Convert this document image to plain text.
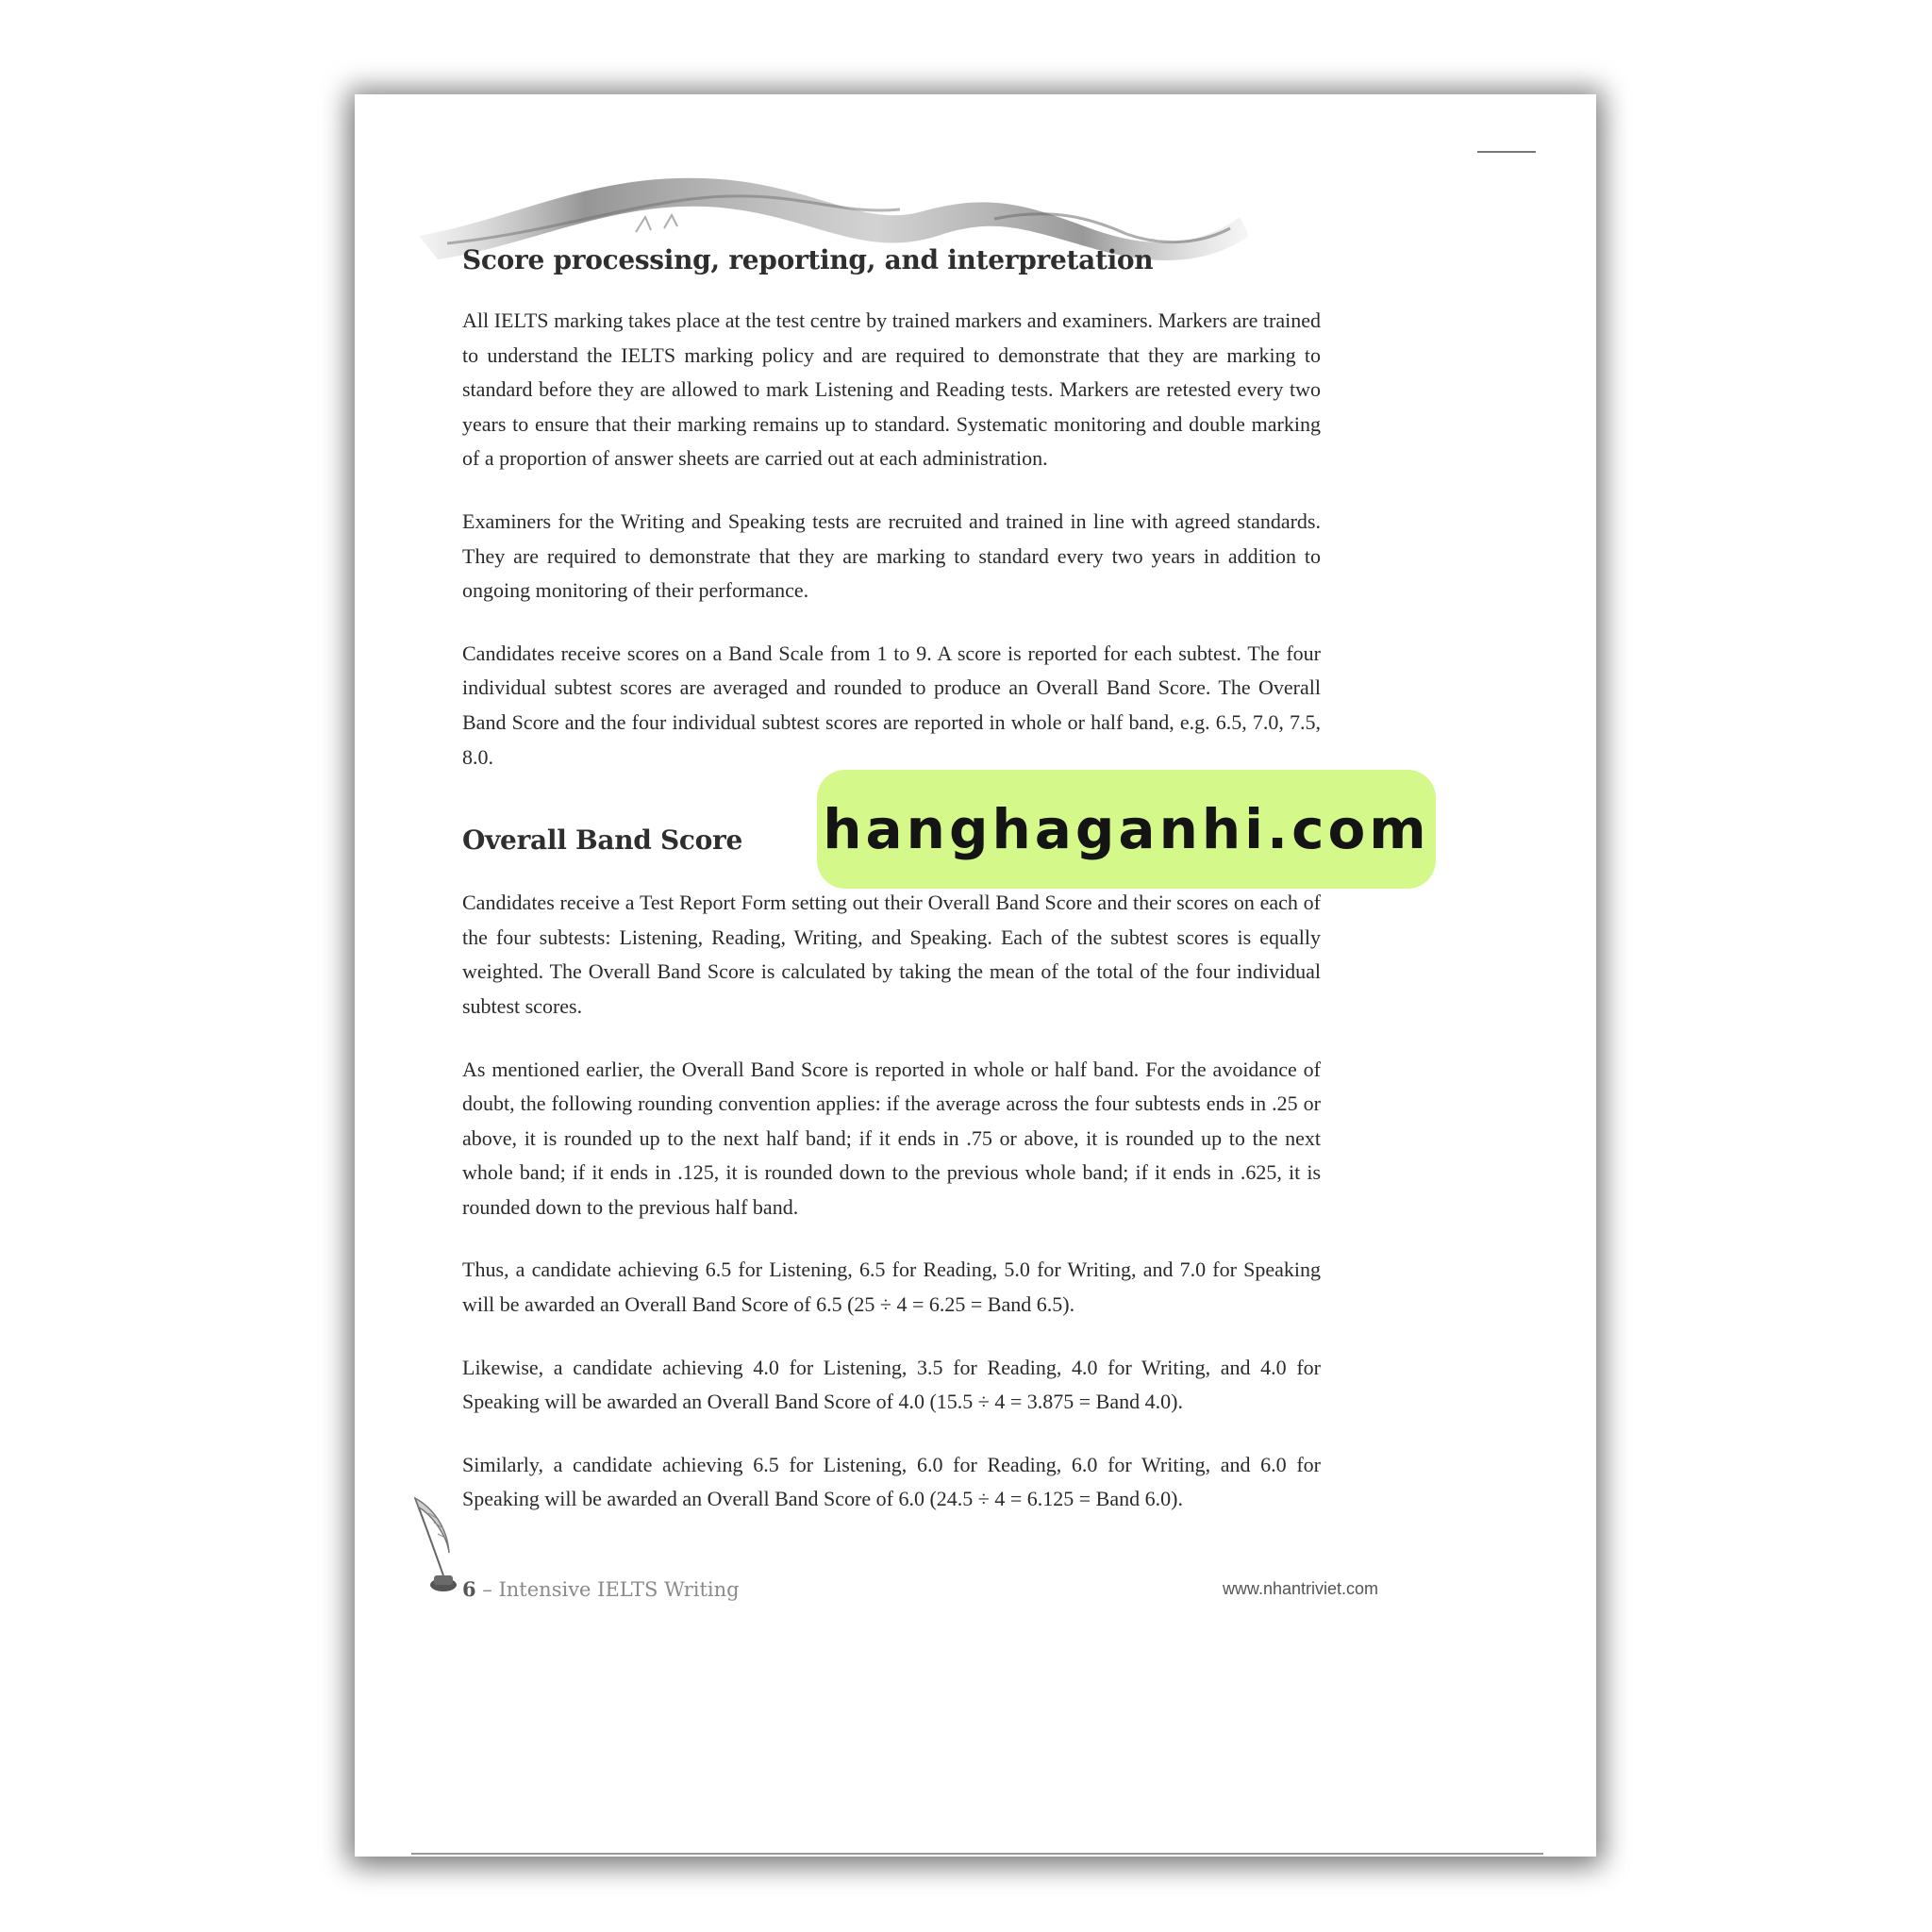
Score processing, reporting, and interpretation

All IELTS marking takes place at the test centre by trained markers and examiners. Markers are trained to understand the IELTS marking policy and are required to demonstrate that they are marking to standard before they are allowed to mark Listening and Reading tests. Markers are retested every two years to ensure that their marking remains up to standard. Systematic monitoring and double marking of a proportion of answer sheets are carried out at each administration.

Examiners for the Writing and Speaking tests are recruited and trained in line with agreed standards. They are required to demonstrate that they are marking to standard every two years in addition to ongoing monitoring of their performance.

Candidates receive scores on a Band Scale from 1 to 9. A score is reported for each subtest. The four individual subtest scores are averaged and rounded to produce an Overall Band Score. The Overall Band Score and the four individual subtest scores are reported in whole or half band, e.g. 6.5, 7.0, 7.5, 8.0.

Overall Band Score

Candidates receive a Test Report Form setting out their Overall Band Score and their scores on each of the four subtests: Listening, Reading, Writing, and Speaking. Each of the subtest scores is equally weighted. The Overall Band Score is calculated by taking the mean of the total of the four individual subtest scores.

As mentioned earlier, the Overall Band Score is reported in whole or half band. For the avoidance of doubt, the following rounding convention applies: if the average across the four subtests ends in .25 or above, it is rounded up to the next half band; if it ends in .75 or above, it is rounded up to the next whole band; if it ends in .125, it is rounded down to the previous whole band; if it ends in .625, it is rounded down to the previous half band.

Thus, a candidate achieving 6.5 for Listening, 6.5 for Reading, 5.0 for Writing, and 7.0 for Speaking will be awarded an Overall Band Score of 6.5 (25 ÷ 4 = 6.25 = Band 6.5).

Likewise, a candidate achieving 4.0 for Listening, 3.5 for Reading, 4.0 for Writing, and 4.0 for Speaking will be awarded an Overall Band Score of 4.0 (15.5 ÷ 4 = 3.875 = Band 4.0).

Similarly, a candidate achieving 6.5 for Listening, 6.0 for Reading, 6.0 for Writing, and 6.0 for Speaking will be awarded an Overall Band Score of 6.0 (24.5 ÷ 4 = 6.125 = Band 6.0).

hanghaganhi.com
6 – Intensive IELTS Writing	www.nhantriviet.com
